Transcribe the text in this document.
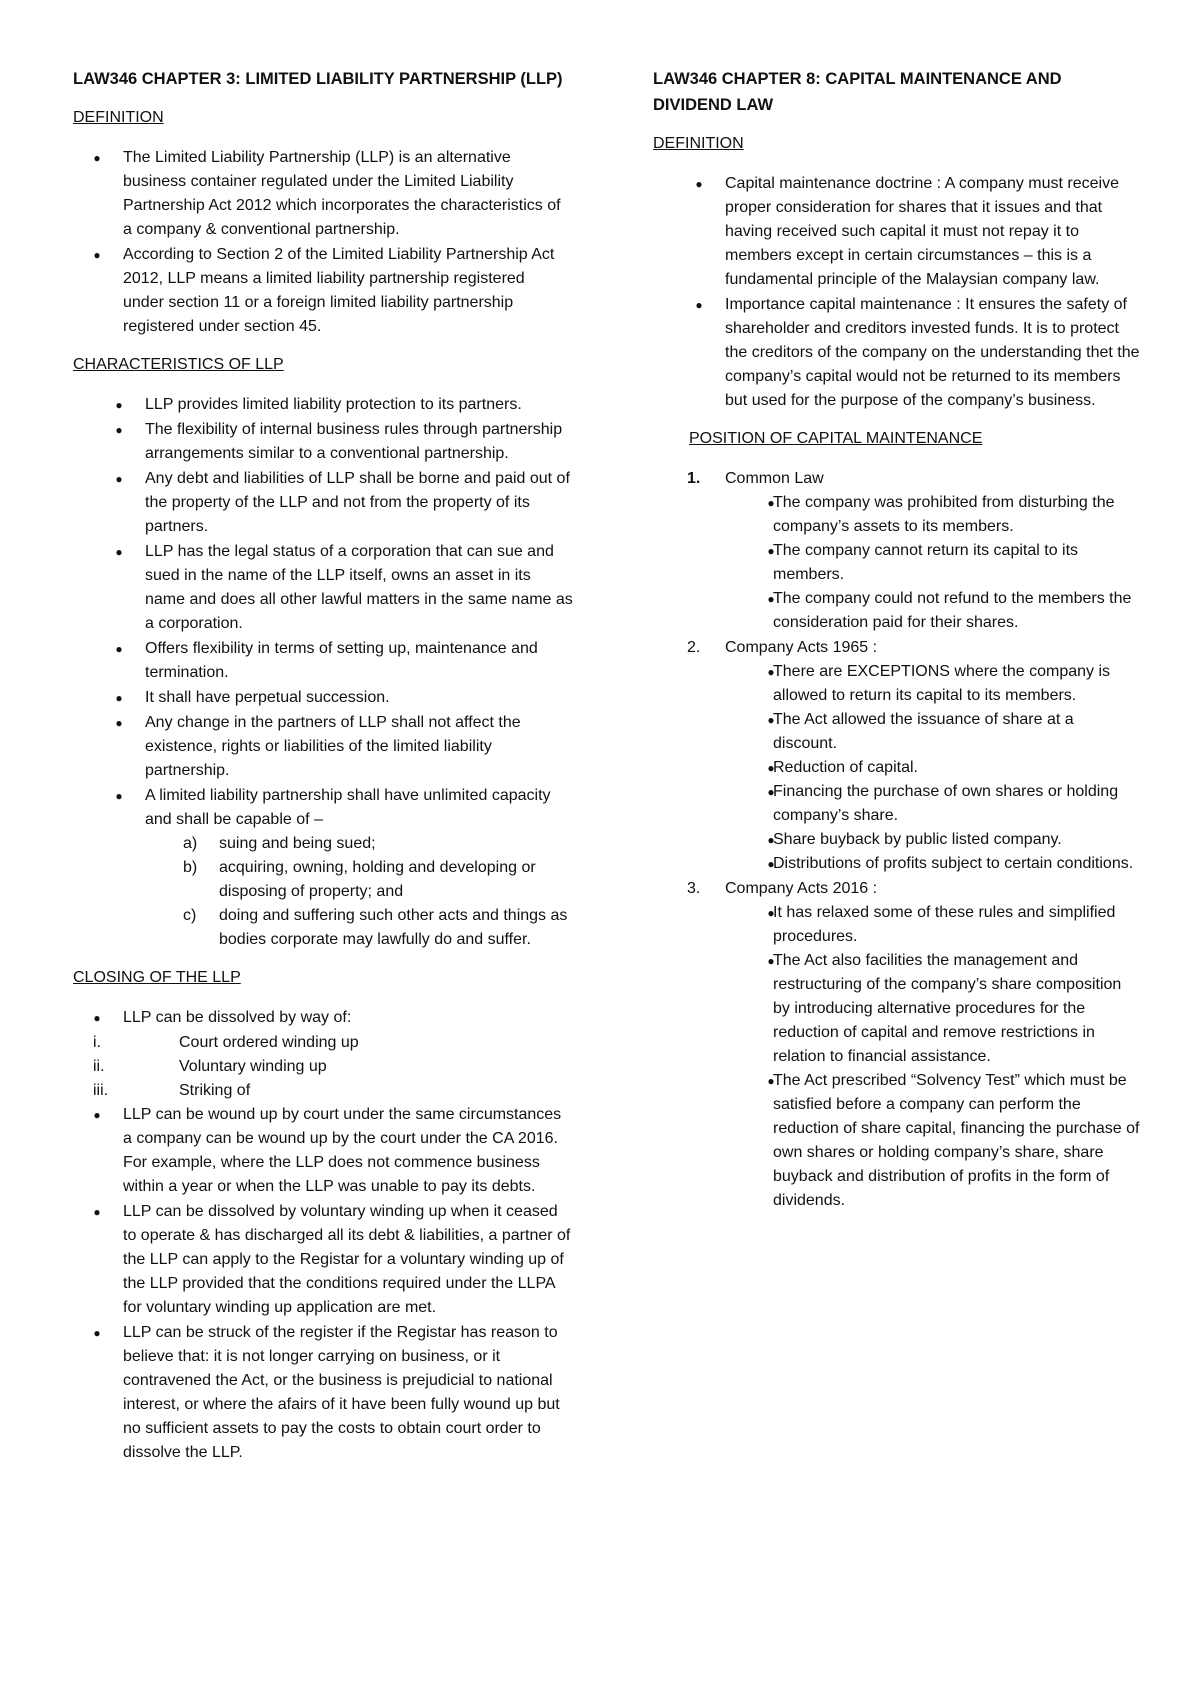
LAW346 CHAPTER 3: LIMITED LIABILITY PARTNERSHIP (LLP)
DEFINITION
●	The Limited Liability Partnership (LLP) is an alternative business container regulated under the Limited Liability Partnership Act 2012 which incorporates the characteristics of a company & conventional partnership.
●	According to Section 2 of the Limited Liability Partnership Act 2012, LLP means a limited liability partnership registered under section 11 or a foreign limited liability partnership registered under section 45.
CHARACTERISTICS OF LLP
●	LLP provides limited liability protection to its partners.
●	The flexibility of internal business rules through partnership arrangements similar to a conventional partnership.
●	Any debt and liabilities of LLP shall be borne and paid out of the property of the LLP and not from the property of its partners.
●	LLP has the legal status of a corporation that can sue and sued in the name of the LLP itself, owns an asset in its name and does all other lawful matters in the same name as a corporation.
●	Offers flexibility in terms of setting up, maintenance and termination.
●	It shall have perpetual succession.
●	Any change in the partners of LLP shall not affect the existence, rights or liabilities of the limited liability partnership.
●	A limited liability partnership shall have unlimited capacity and shall be capable of –
a)	suing and being sued;
b)	acquiring, owning, holding and developing or disposing of property; and
c)	doing and suffering such other acts and things as bodies corporate may lawfully do and suffer.
CLOSING OF THE LLP
●	LLP can be dissolved by way of:
i.	Court ordered winding up
ii.	Voluntary winding up
iii.	Striking of
●	LLP can be wound up by court under the same circumstances a company can be wound up by the court under the CA 2016. For example, where the LLP does not commence business within a year or when the LLP was unable to pay its debts.
●	LLP can be dissolved by voluntary winding up when it ceased to operate & has discharged all its debt & liabilities, a partner of the LLP can apply to the Registar for a voluntary winding up of the LLP provided that the conditions required under the LLPA for voluntary winding up application are met.
●	LLP can be struck of the register if the Registar has reason to believe that: it is not longer carrying on business, or it contravened the Act, or the business is prejudicial to national interest, or where the afairs of it have been fully wound up but no sufficient assets to pay the costs to obtain court order to dissolve the LLP.
LAW346 CHAPTER 8: CAPITAL MAINTENANCE AND DIVIDEND LAW
DEFINITION
●	Capital maintenance doctrine : A company must receive proper consideration for shares that it issues and that having received such capital it must not repay it to members except in certain circumstances – this is a fundamental principle of the Malaysian company law.
●	Importance capital maintenance : It ensures the safety of shareholder and creditors invested funds. It is to protect the creditors of the company on the understanding thet the company’s capital would not be returned to its members but used for the purpose of the company’s business.
POSITION OF CAPITAL MAINTENANCE
1.	Common Law
●
The company was prohibited from disturbing the company’s assets to its members.
●
The company cannot return its capital to its members.
●
The company could not refund to the members the consideration paid for their shares.
2.	Company Acts 1965 :
●
There are EXCEPTIONS where the company is allowed to return its capital to its members.
●
The Act allowed the issuance of share at a discount.
●
Reduction of capital.
●
Financing the purchase of own shares or holding company’s share.
●
Share buyback by public listed company.
●
Distributions of profits subject to certain conditions.
3.	Company Acts 2016 :
●
It has relaxed some of these rules and simplified procedures.
●
The Act also facilities the management and restructuring of the company’s share composition by introducing alternative procedures for the reduction of capital and remove restrictions in relation to financial assistance.
●
The Act prescribed “Solvency Test” which must be satisfied before a company can perform the reduction of share capital, financing the purchase of own shares or holding company’s share, share buyback and distribution of profits in the form of dividends.
